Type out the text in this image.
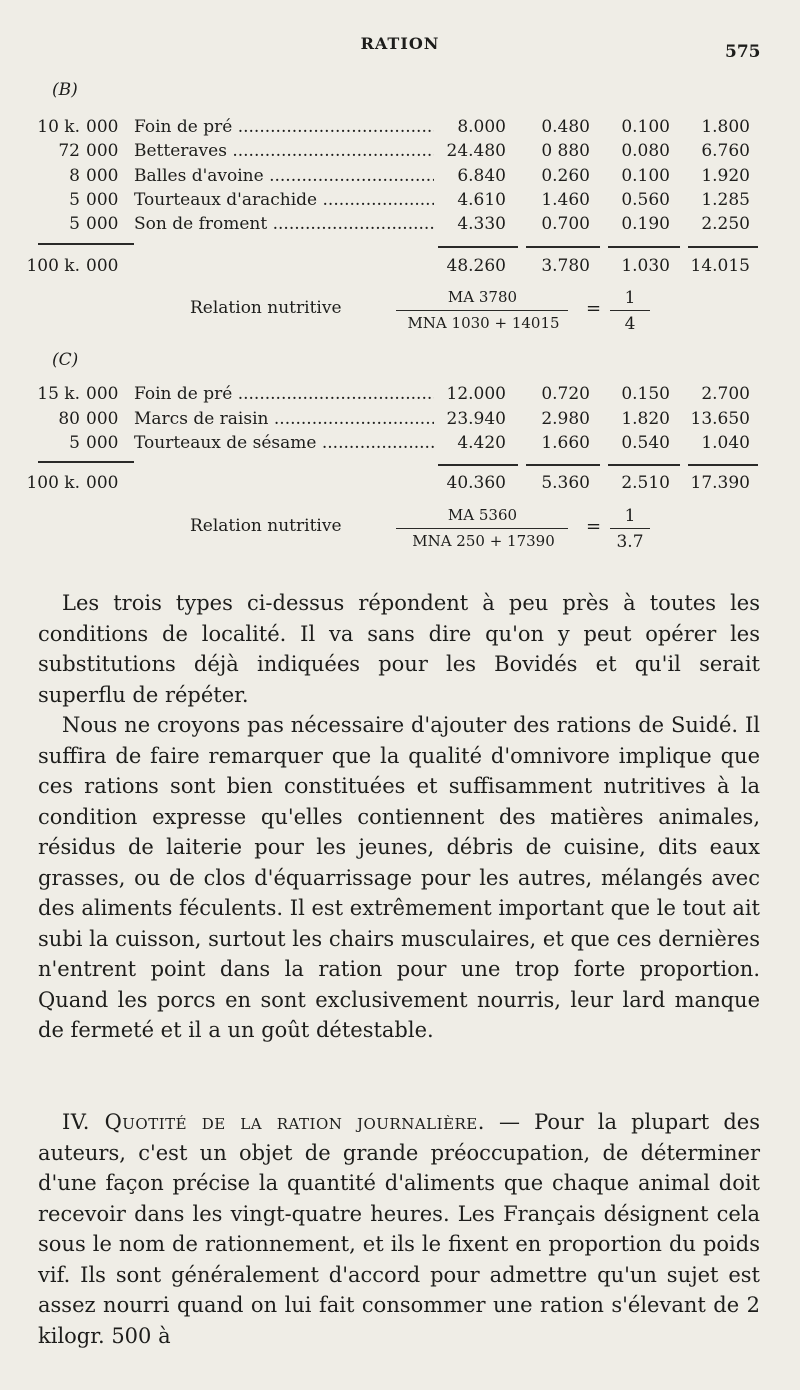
RATION	575
(B)
10 k. 000 Foin de pré .....	8.000	0.480	0.100	1.800
72 000 Betteraves .....	24.480	0 880	0.080	6.760
8 000 Balles d'avoine .....	6.840	0.260	0.100	1.920
5 000 Tourteaux d'arachide .....	4.610	1.460	0.560	1.285
5 000 Son de froment .....	4.330	0.700	0.190	2.250
100 k. 000	48.260	3.780	1.030	14.015
Relation nutritive
MA 3780
MNA 1030 + 14015
=	1
4
(C)
15 k. 000 Foin de pré .....	12.000	0.720	0.150	2.700
80 000 Marcs de raisin .....	23.940	2.980	1.820	13.650
5 000 Tourteaux de sésame .....	4.420	1.660	0.540	1.040
100 k. 000	40.360	5.360	2.510	17.390
Relation nutritive
MA 5360
MNA 250 + 17390
=	1
3.7

Les trois types ci-dessus répondent à peu près à toutes les conditions de localité. Il va sans dire qu'on y peut opérer les substitutions déjà indiquées pour les Bovidés et qu'il serait superflu de répéter.

Nous ne croyons pas nécessaire d'ajouter des rations de Suidé. Il suffira de faire remarquer que la qualité d'omnivore implique que ces rations sont bien constituées et suffisamment nutritives à la condition expresse qu'elles contiennent des matières animales, résidus de laiterie pour les jeunes, débris de cuisine, dits eaux grasses, ou de clos d'équarrissage pour les autres, mélangés avec des aliments féculents. Il est extrêmement important que le tout ait subi la cuisson, surtout les chairs musculaires, et que ces dernières n'entrent point dans la ration pour une trop forte proportion. Quand les porcs en sont exclusivement nourris, leur lard manque de fermeté et il a un goût détestable.

IV. Quotité de la ration journalière. — Pour la plupart des auteurs, c'est un objet de grande préoccupation, de déterminer d'une façon précise la quantité d'aliments que chaque animal doit recevoir dans les vingt-quatre heures. Les Français désignent cela sous le nom de rationnement, et ils le fixent en proportion du poids vif. Ils sont généralement d'accord pour admettre qu'un sujet est assez nourri quand on lui fait consommer une ration s'élevant de 2 kilogr. 500 à
